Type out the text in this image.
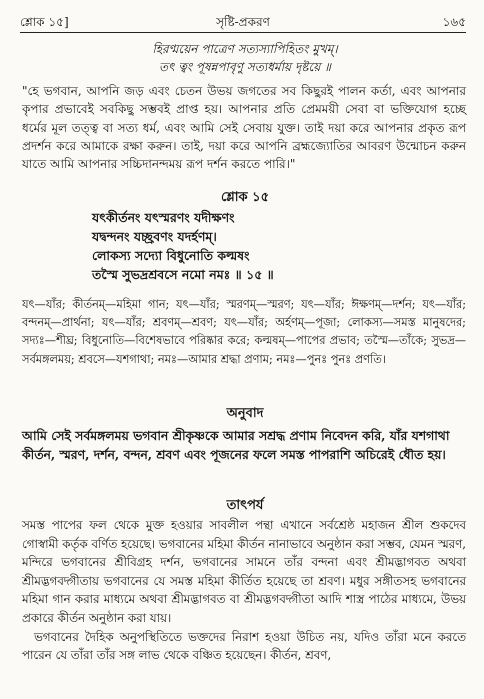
শ্লোক ১৫]	সৃষ্টি-প্রকরণ	১৬৫
হিরণ্ময়েন পাত্রেণ সত্যস্যাপিহিতং মুখম্।
তৎ ত্বং পূষন্নপাবৃণু সত্যধর্মায় দৃষ্টয়ে ॥
"হে ভগবান, আপনি জড় এবং চেতন উভয় জগতের সব কিছুরই পালন কর্তা, এবং আপনার কৃপার প্রভাবেই সবকিছু সম্ভবই প্রাপ্ত হয়। আপনার প্রতি প্রেমময়ী সেবা বা ভক্তিযোগ হচ্ছে ধর্মের মূল তত্ত্ব বা সত্য ধর্ম, এবং আমি সেই সেবায় যুক্ত। তাই দয়া করে আপনার প্রকৃত রূপ প্রদর্শন করে আমাকে রক্ষা করুন। তাই, দয়া করে আপনি ব্রহ্মজ্যোতির আবরণ উন্মোচন করুন যাতে আমি আপনার সচ্চিদানন্দময় রূপ দর্শন করতে পারি।"
শ্লোক ১৫
যৎকীর্তনং যৎস্মরণং যদীক্ষণং
যদ্বন্দনং যচ্ছ্রবণং যদর্হণম্।
লোকস্য সদ্যো বিধুনোতি কল্মষং
তস্মৈ সুভদ্রশ্রবসে নমো নমঃ ॥ ১৫ ॥
যৎ—যাঁর; কীর্তনম্—মহিমা গান; যৎ—যাঁর; স্মরণম্—স্মরণ; যৎ—যাঁর; ঈক্ষণম্—দর্শন; যৎ—যাঁর; বন্দনম্—প্রার্থনা; যৎ—যাঁর; শ্রবণম্—শ্রবণ; যৎ—যাঁর; অর্হণম্—পূজা; লোকস্য—সমস্ত মানুষদের; সদ্যঃ—শীঘ্র; বিধুনোতি—বিশেষভাবে পরিষ্কার করে; কল্মষম্—পাপের প্রভাব; তস্মৈ—তাঁকে; সুভদ্র—সর্বমঙ্গলময়; শ্রবসে—যশগাথা; নমঃ—আমার শ্রদ্ধা প্রণাম; নমঃ—পুনঃ পুনঃ প্রণতি।
অনুবাদ
আমি সেই সর্বমঙ্গলময় ভগবান শ্রীকৃষ্ণকে আমার সশ্রদ্ধ প্রণাম নিবেদন করি, যাঁর যশগাথা কীর্তন, স্মরণ, দর্শন, বন্দন, শ্রবণ এবং পূজনের ফলে সমস্ত পাপরাশি অচিরেই ধৌত হয়।
তাৎপর্য
সমস্ত পাপের ফল থেকে মুক্ত হওয়ার সাবলীল পন্থা এখানে সর্বশ্রেষ্ঠ মহাজন শ্রীল শুকদেব গোস্বামী কর্তৃক বর্ণিত হয়েছে। ভগবানের মহিমা কীর্তন নানাভাবে অনুষ্ঠান করা সম্ভব, যেমন স্মরণ, মন্দিরে ভগবানের শ্রীবিগ্রহ দর্শন, ভগবানের সামনে তাঁর বন্দনা এবং শ্রীমদ্ভাগবত অথবা শ্রীমদ্ভগবদ্গীতায় ভগবানের যে সমস্ত মহিমা কীর্তিত হয়েছে তা শ্রবণ। মধুর সঙ্গীতসহ ভগবানের মহিমা গান করার মাধ্যমে অথবা শ্রীমদ্ভাগবত বা শ্রীমদ্ভগবদ্গীতা আদি শাস্ত্র পাঠের মাধ্যমে, উভয় প্রকারে কীর্তন অনুষ্ঠান করা যায়।
ভগবানের দৈহিক অনুপস্থিতিতে ভক্তদের নিরাশ হওয়া উচিত নয়, যদিও তাঁরা মনে করতে পারেন যে তাঁরা তাঁর সঙ্গ লাভ থেকে বঞ্চিত হয়েছেন। কীর্তন, শ্রবণ,
